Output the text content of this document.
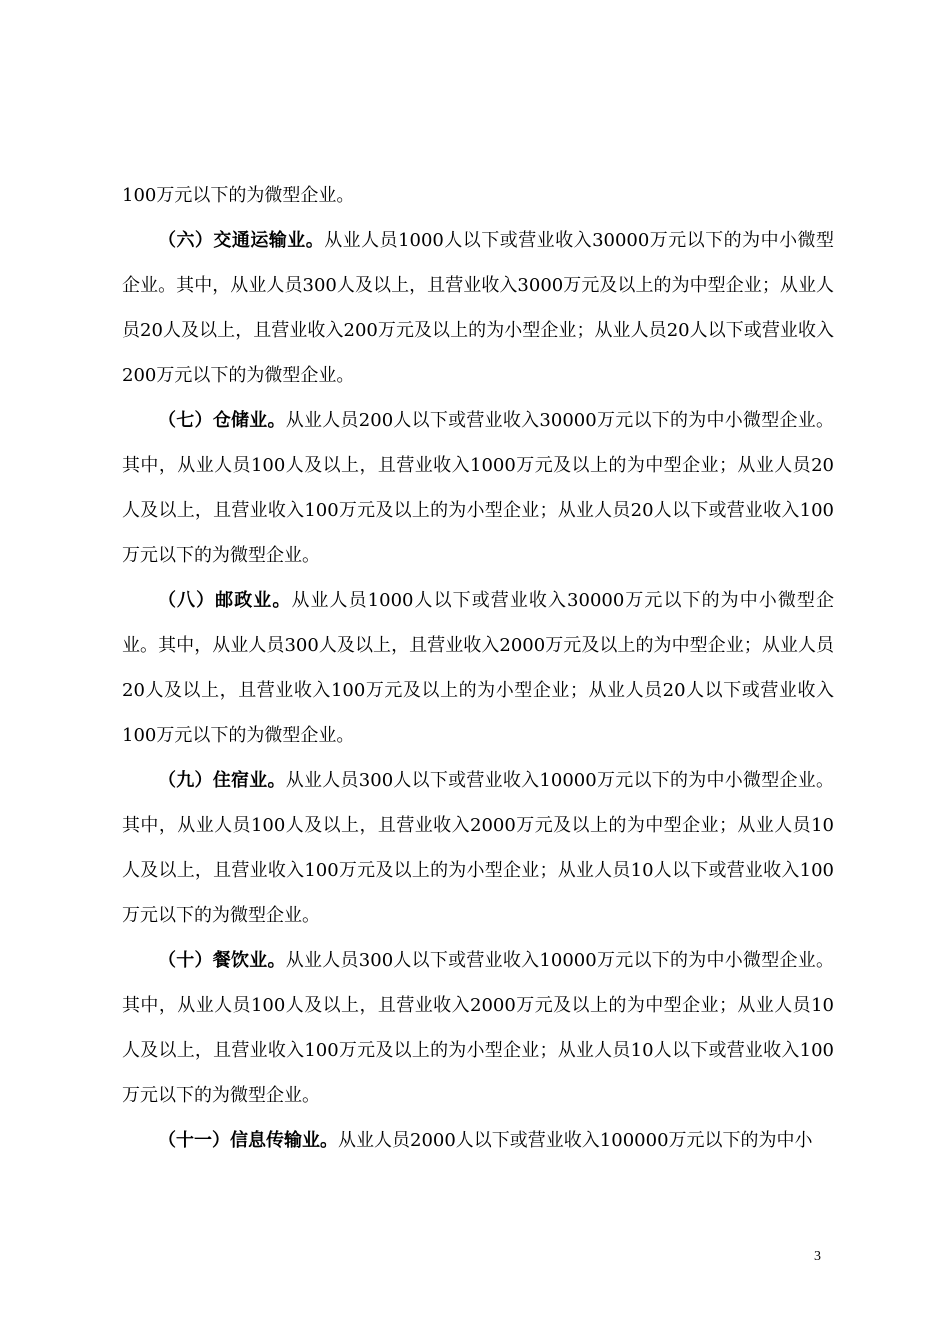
100万元以下的为微型企业。

（六）交通运输业。从业人员1000人以下或营业收入30000万元以下的为中小微型企业。其中，从业人员300人及以上，且营业收入3000万元及以上的为中型企业；从业人员20人及以上，且营业收入200万元及以上的为小型企业；从业人员20人以下或营业收入200万元以下的为微型企业。

（七）仓储业。从业人员200人以下或营业收入30000万元以下的为中小微型企业。其中，从业人员100人及以上，且营业收入1000万元及以上的为中型企业；从业人员20人及以上，且营业收入100万元及以上的为小型企业；从业人员20人以下或营业收入100万元以下的为微型企业。

（八）邮政业。从业人员1000人以下或营业收入30000万元以下的为中小微型企业。其中，从业人员300人及以上，且营业收入2000万元及以上的为中型企业；从业人员20人及以上，且营业收入100万元及以上的为小型企业；从业人员20人以下或营业收入100万元以下的为微型企业。

（九）住宿业。从业人员300人以下或营业收入10000万元以下的为中小微型企业。其中，从业人员100人及以上，且营业收入2000万元及以上的为中型企业；从业人员10人及以上，且营业收入100万元及以上的为小型企业；从业人员10人以下或营业收入100万元以下的为微型企业。

（十）餐饮业。从业人员300人以下或营业收入10000万元以下的为中小微型企业。其中，从业人员100人及以上，且营业收入2000万元及以上的为中型企业；从业人员10人及以上，且营业收入100万元及以上的为小型企业；从业人员10人以下或营业收入100万元以下的为微型企业。

（十一）信息传输业。从业人员2000人以下或营业收入100000万元以下的为中小

3
